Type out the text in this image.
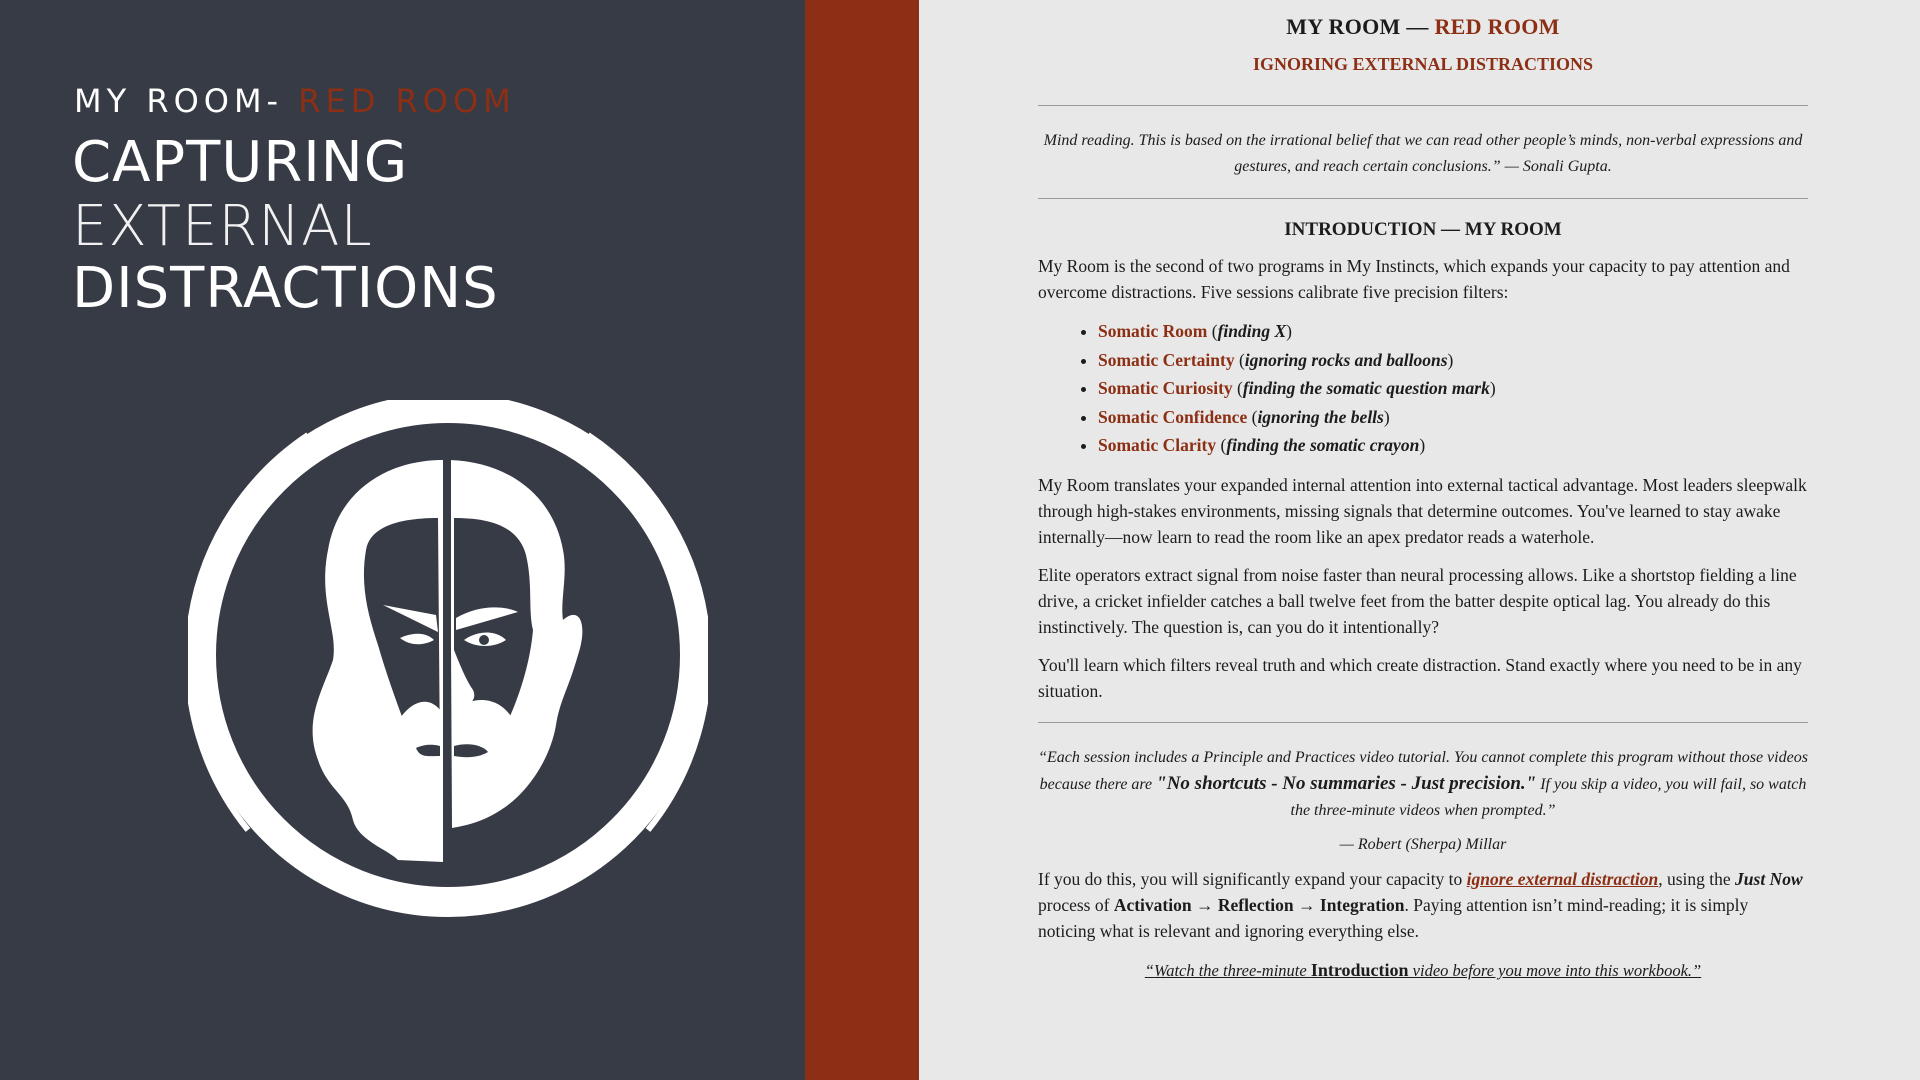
MY ROOM- RED ROOM
CAPTURING
EXTERNAL
DISTRACTIONS
MY ROOM — RED ROOM
IGNORING EXTERNAL DISTRACTIONS
Mind reading. This is based on the irrational belief that we can read other people’s minds, non-verbal expressions and gestures, and reach certain conclusions.” — Sonali Gupta.
INTRODUCTION — MY ROOM

My Room is the second of two programs in My Instincts, which expands your capacity to pay attention and overcome distractions. Five sessions calibrate five precision filters:

• Somatic Room (finding X)
• Somatic Certainty (ignoring rocks and balloons)
• Somatic Curiosity (finding the somatic question mark)
• Somatic Confidence (ignoring the bells)
• Somatic Clarity (finding the somatic crayon)

My Room translates your expanded internal attention into external tactical advantage. Most leaders sleepwalk through high-stakes environments, missing signals that determine outcomes. You've learned to stay awake internally—now learn to read the room like an apex predator reads a waterhole.

Elite operators extract signal from noise faster than neural processing allows. Like a shortstop fielding a line drive, a cricket infielder catches a ball twelve feet from the batter despite optical lag. You already do this instinctively. The question is, can you do it intentionally?

You'll learn which filters reveal truth and which create distraction. Stand exactly where you need to be in any situation.

“Each session includes a Principle and Practices video tutorial. You cannot complete this program without those videos because there are "No shortcuts - No summaries - Just precision." If you skip a video, you will fail, so watch the three-minute videos when prompted.”
— Robert (Sherpa) Millar

If you do this, you will significantly expand your capacity to ignore external distraction, using the Just Now process of Activation → Reflection → Integration. Paying attention isn’t mind-reading; it is simply noticing what is relevant and ignoring everything else.

“Watch the three-minute Introduction video before you move into this workbook.”
